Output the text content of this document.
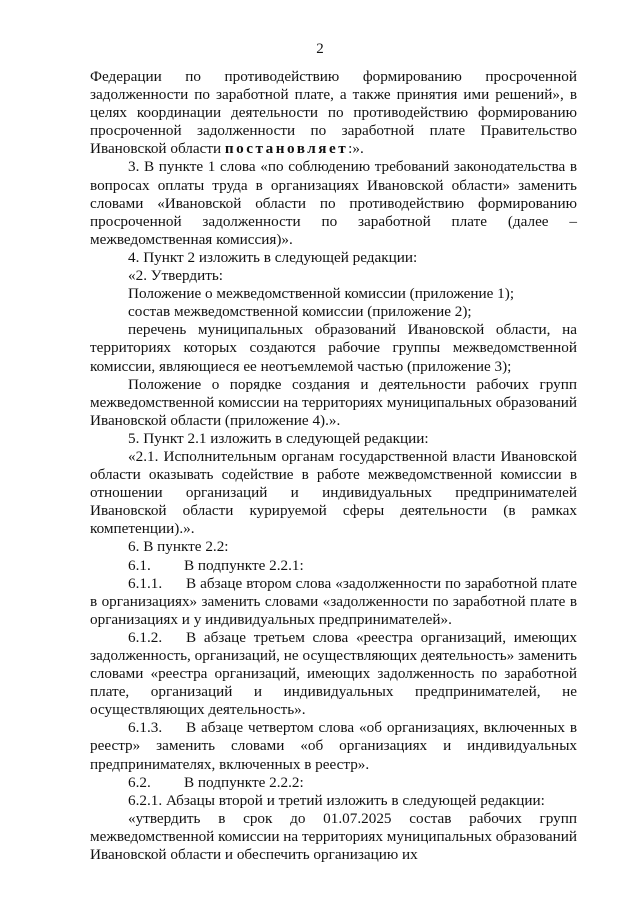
2

Федерации по противодействию формированию просроченной задолженности по заработной плате, а также принятия ими решений», в целях координации деятельности по противодействию формированию просроченной задолженности по заработной плате Правительство Ивановской области постановляет:».

3. В пункте 1 слова «по соблюдению требований законодательства в вопросах оплаты труда в организациях Ивановской области» заменить словами «Ивановской области по противодействию формированию просроченной задолженности по заработной плате (далее – межведомственная комиссия)».

4. Пункт 2 изложить в следующей редакции:

«2. Утвердить:

Положение о межведомственной комиссии (приложение 1);

состав межведомственной комиссии (приложение 2);

перечень муниципальных образований Ивановской области, на территориях которых создаются рабочие группы межведомственной комиссии, являющиеся ее неотъемлемой частью (приложение 3);

Положение о порядке создания и деятельности рабочих групп межведомственной комиссии на территориях муниципальных образований Ивановской области (приложение 4).».

5. Пункт 2.1 изложить в следующей редакции:

«2.1. Исполнительным органам государственной власти Ивановской области оказывать содействие в работе межведомственной комиссии в отношении организаций и индивидуальных предпринимателей Ивановской области курируемой сферы деятельности (в рамках компетенции).».

6. В пункте 2.2:

6.1. В подпункте 2.2.1:

6.1.1. В абзаце втором слова «задолженности по заработной плате в организациях» заменить словами «задолженности по заработной плате в организациях и у индивидуальных предпринимателей».

6.1.2. В абзаце третьем слова «реестра организаций, имеющих задолженность, организаций, не осуществляющих деятельность» заменить словами «реестра организаций, имеющих задолженность по заработной плате, организаций и индивидуальных предпринимателей, не осуществляющих деятельность».

6.1.3. В абзаце четвертом слова «об организациях, включенных в реестр» заменить словами «об организациях и индивидуальных предпринимателях, включенных в реестр».

6.2. В подпункте 2.2.2:

6.2.1. Абзацы второй и третий изложить в следующей редакции:

«утвердить в срок до 01.07.2025 состав рабочих групп межведомственной комиссии на территориях муниципальных образований Ивановской области и обеспечить организацию их
